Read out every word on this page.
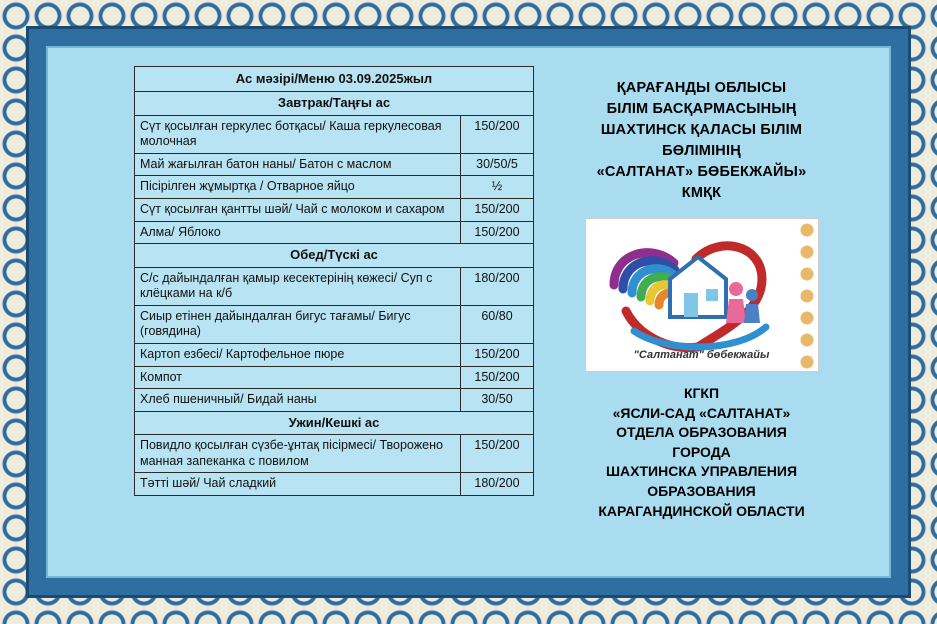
Ас мәзірі/Меню 03.09.2025жыл	
Завтрак/Таңғы ас	
Сүт қосылған геркулес ботқасы/ Каша геркулесовая молочная	150/200
Май жағылған батон наны/ Батон с маслом	30/50/5
Пісірілген жұмыртқа / Отварное яйцо	½
Сүт қосылған қантты шәй/ Чай с молоком и сахаром	150/200
Алма/ Яблоко	150/200
Обед/Түскі ас	
С/с дайындалған қамыр кесектерінің көжесі/ Суп с клёцками на к/б	180/200
Сиыр етінен дайындалған бигус тағамы/ Бигус (говядина)	60/80
Картоп езбесі/ Картофельное пюре	150/200
Компот	150/200
Хлеб пшеничный/ Бидай наны	30/50
Ужин/Кешкі ас	
Повидло қосылған сүзбе-ұнтақ пісірмесі/ Творожено манная запеканка с повилом	150/200
Тәтті шәй/ Чай сладкий	180/200
ҚАРАҒАНДЫ ОБЛЫСЫ
БІЛІМ БАСҚАРМАСЫНЫҢ
ШАХТИНСК ҚАЛАСЫ БІЛІМ
БӨЛІМІНІҢ
«САЛТАНАТ» БӨБЕКЖАЙЫ»
КМҚК
"Салтанат" бөбекжайы
КГКП
«ЯСЛИ-САД «САЛТАНАТ»
ОТДЕЛА ОБРАЗОВАНИЯ
ГОРОДА
ШАХТИНСКА УПРАВЛЕНИЯ
ОБРАЗОВАНИЯ
КАРАГАНДИНСКОЙ ОБЛАСТИ
